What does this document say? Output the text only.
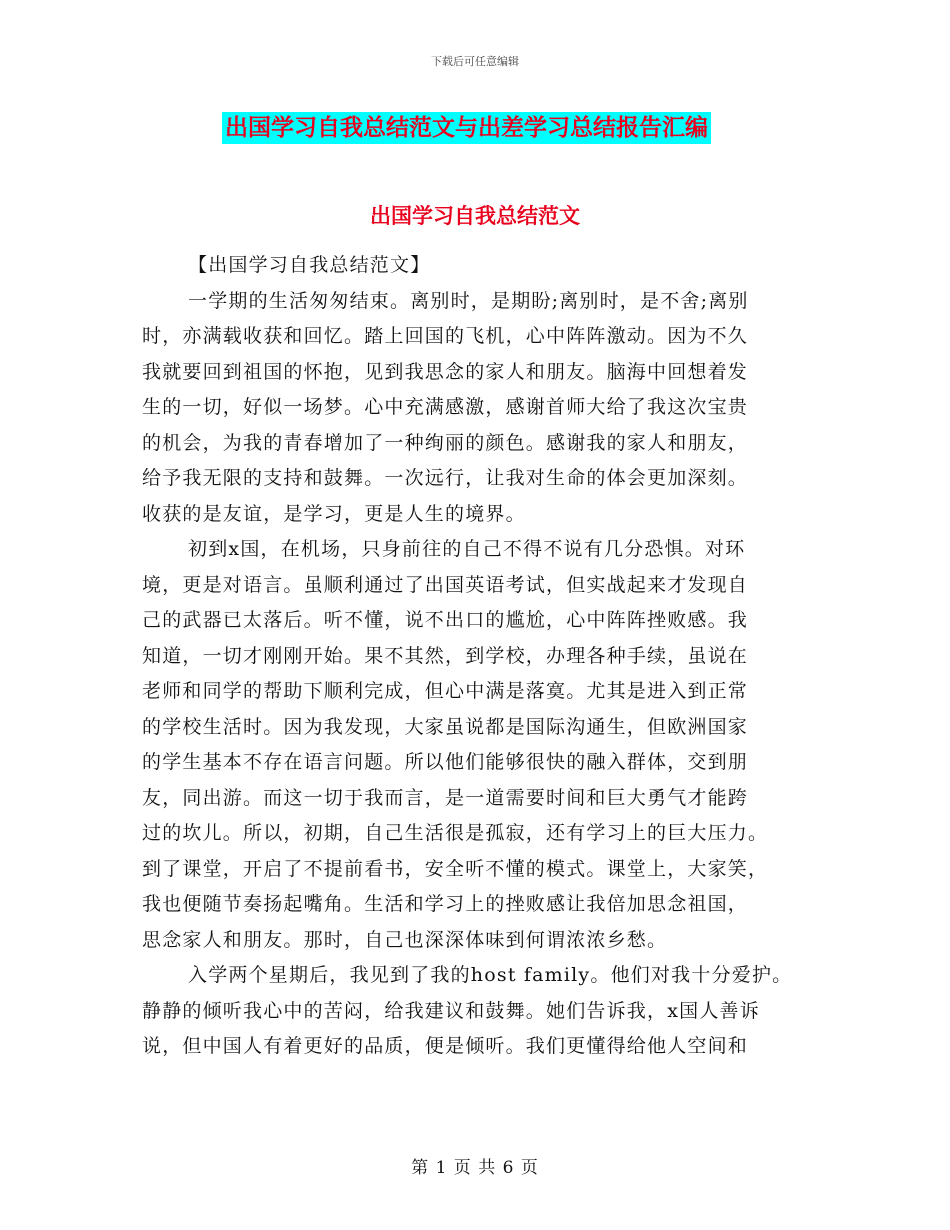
下载后可任意编辑
出国学习自我总结范文与出差学习总结报告汇编
出国学习自我总结范文
【出国学习自我总结范文】
一学期的生活匆匆结束。离别时，是期盼;离别时，是不舍;离别
时，亦满载收获和回忆。踏上回国的飞机，心中阵阵激动。因为不久
我就要回到祖国的怀抱，见到我思念的家人和朋友。脑海中回想着发
生的一切，好似一场梦。心中充满感激，感谢首师大给了我这次宝贵
的机会，为我的青春增加了一种绚丽的颜色。感谢我的家人和朋友，
给予我无限的支持和鼓舞。一次远行，让我对生命的体会更加深刻。
收获的是友谊，是学习，更是人生的境界。
初到x国，在机场，只身前往的自己不得不说有几分恐惧。对环
境，更是对语言。虽顺利通过了出国英语考试，但实战起来才发现自
己的武器已太落后。听不懂，说不出口的尴尬，心中阵阵挫败感。我
知道，一切才刚刚开始。果不其然，到学校，办理各种手续，虽说在
老师和同学的帮助下顺利完成，但心中满是落寞。尤其是进入到正常
的学校生活时。因为我发现，大家虽说都是国际沟通生，但欧洲国家
的学生基本不存在语言问题。所以他们能够很快的融入群体，交到朋
友，同出游。而这一切于我而言，是一道需要时间和巨大勇气才能跨
过的坎儿。所以，初期，自己生活很是孤寂，还有学习上的巨大压力。
到了课堂，开启了不提前看书，安全听不懂的模式。课堂上，大家笑，
我也便随节奏扬起嘴角。生活和学习上的挫败感让我倍加思念祖国，
思念家人和朋友。那时，自己也深深体味到何谓浓浓乡愁。
入学两个星期后，我见到了我的host family。他们对我十分爱护。
静静的倾听我心中的苦闷，给我建议和鼓舞。她们告诉我，x国人善诉
说，但中国人有着更好的品质，便是倾听。我们更懂得给他人空间和
第 1 页 共 6 页
